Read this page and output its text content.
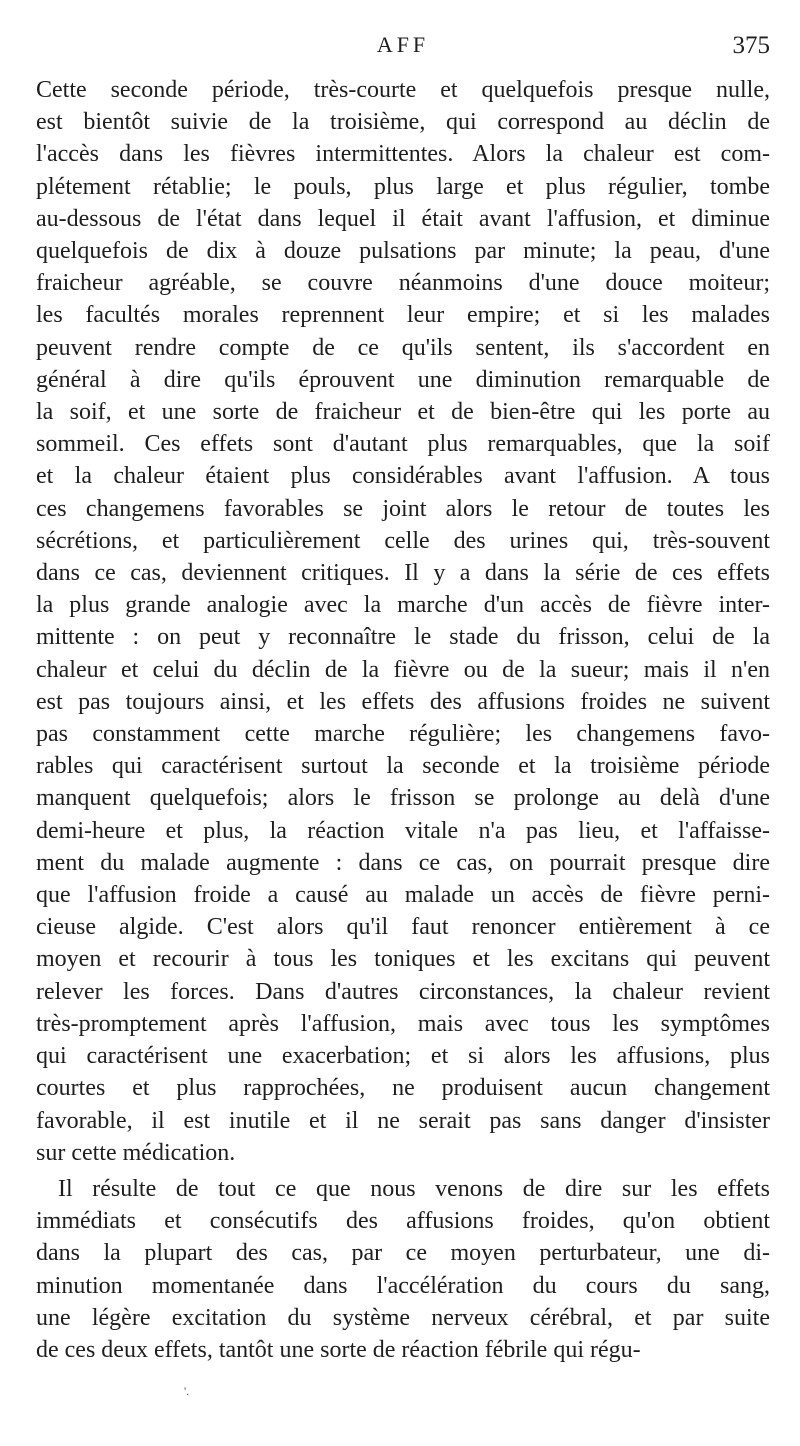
AFF	375

Cette seconde période, très-courte et quelquefois presque nulle,
est bientôt suivie de la troisième, qui correspond au déclin de
l'accès dans les fièvres intermittentes. Alors la chaleur est com-
plétement rétablie; le pouls, plus large et plus régulier, tombe
au-dessous de l'état dans lequel il était avant l'affusion, et diminue
quelquefois de dix à douze pulsations par minute; la peau, d'une
fraicheur agréable, se couvre néanmoins d'une douce moiteur;
les facultés morales reprennent leur empire; et si les malades
peuvent rendre compte de ce qu'ils sentent, ils s'accordent en
général à dire qu'ils éprouvent une diminution remarquable de
la soif, et une sorte de fraicheur et de bien-être qui les porte au
sommeil. Ces effets sont d'autant plus remarquables, que la soif
et la chaleur étaient plus considérables avant l'affusion. A tous
ces changemens favorables se joint alors le retour de toutes les
sécrétions, et particulièrement celle des urines qui, très-souvent
dans ce cas, deviennent critiques. Il y a dans la série de ces effets
la plus grande analogie avec la marche d'un accès de fièvre inter-
mittente : on peut y reconnaître le stade du frisson, celui de la
chaleur et celui du déclin de la fièvre ou de la sueur; mais il n'en
est pas toujours ainsi, et les effets des affusions froides ne suivent
pas constamment cette marche régulière; les changemens favo-
rables qui caractérisent surtout la seconde et la troisième période
manquent quelquefois; alors le frisson se prolonge au delà d'une
demi-heure et plus, la réaction vitale n'a pas lieu, et l'affaisse-
ment du malade augmente : dans ce cas, on pourrait presque dire
que l'affusion froide a causé au malade un accès de fièvre perni-
cieuse algide. C'est alors qu'il faut renoncer entièrement à ce
moyen et recourir à tous les toniques et les excitans qui peuvent
relever les forces. Dans d'autres circonstances, la chaleur revient
très-promptement après l'affusion, mais avec tous les symptômes
qui caractérisent une exacerbation; et si alors les affusions, plus
courtes et plus rapprochées, ne produisent aucun changement
favorable, il est inutile et il ne serait pas sans danger d'insister
sur cette médication.

Il résulte de tout ce que nous venons de dire sur les effets
immédiats et consécutifs des affusions froides, qu'on obtient
dans la plupart des cas, par ce moyen perturbateur, une di-
minution momentanée dans l'accélération du cours du sang,
une légère excitation du système nerveux cérébral, et par suite
de ces deux effets, tantôt une sorte de réaction fébrile qui régu-

'.
